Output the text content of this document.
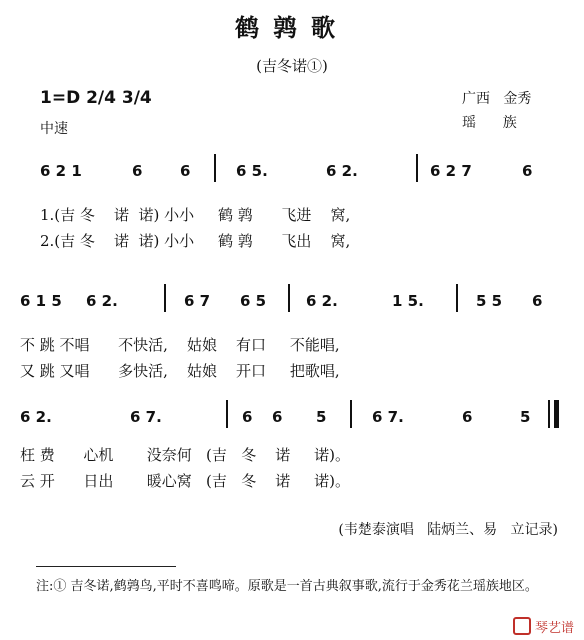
鹤鹑歌
(吉冬诺①)
1=D 2/4 3/4
中速
广西   金秀
瑶      族
6 2 1	6	6	6 5.	6 2.	6 2 7	6
1.(吉 冬    诺  诺) 小小     鹤 鹑      飞进    窝,
2.(吉 冬    诺  诺) 小小     鹤 鹑      飞出    窝,
6 1 5 6 2.	6 7 6 5	6 2.	1 5.	5 5 6
不 跳 不唱      不快活,    姑娘    有口     不能唱,
又 跳 又唱      多快活,    姑娘    开口     把歌唱,
6 2.	6 7.	6 6 5	6 7.	6	5
枉 费      心机       没奈何   (吉   冬    诺     诺)。
云 开      日出       暖心窝   (吉   冬    诺     诺)。
(韦楚泰演唱   陆炳兰、易   立记录)
注:① 吉冬诺,鹤鹑鸟,平时不喜鸣啼。原歌是一首古典叙事歌,流行于金秀花兰瑶族地区。
琴艺谱
